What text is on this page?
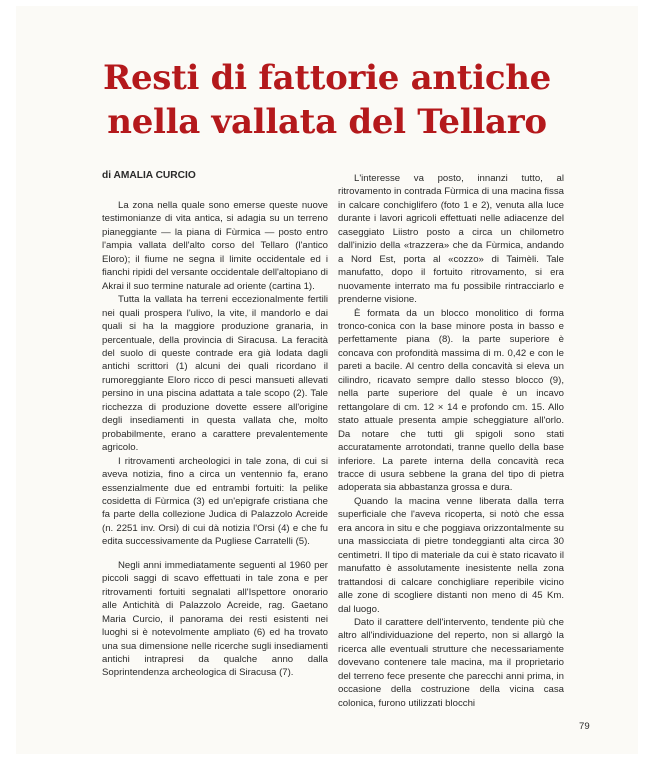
Resti di fattorie antiche
nella vallata del Tellaro
di AMALIA CURCIO

La zona nella quale sono emerse queste nuove testimonianze di vita antica, si adagia su un terreno pianeggiante — la piana di Fùrmica — posto entro l'ampia vallata dell'alto corso del Tellaro (l'antico Eloro); il fiume ne segna il limite occidentale ed i fianchi ripidi del versante occidentale dell'altopiano di Akrai il suo termine naturale ad oriente (cartina 1).

Tutta la vallata ha terreni eccezionalmente fertili nei quali prospera l'ulivo, la vite, il mandorlo e dai quali si ha la maggiore produzione granaria, in percentuale, della provincia di Siracusa. La feracità del suolo di queste contrade era già lodata dagli antichi scrittori (1) alcuni dei quali ricordano il rumoreggiante Eloro ricco di pesci mansueti allevati persino in una piscina adattata a tale scopo (2). Tale ricchezza di produzione dovette essere all'origine degli insediamenti in questa vallata che, molto probabilmente, erano a carattere prevalentemente agricolo.

I ritrovamenti archeologici in tale zona, di cui si aveva notizia, fino a circa un ventennio fa, erano essenzialmente due ed entrambi fortuiti: la pelike cosidetta di Fùrmica (3) ed un'epigrafe cristiana che fa parte della collezione Judica di Palazzolo Acreide (n. 2251 inv. Orsi) di cui dà notizia l'Orsi (4) e che fu edita successivamente da Pugliese Carratelli (5).

Negli anni immediatamente seguenti al 1960 per piccoli saggi di scavo effettuati in tale zona e per ritrovamenti fortuiti segnalati all'Ispettore onorario alle Antichità di Palazzolo Acreide, rag. Gaetano Maria Curcio, il panorama dei resti esistenti nei luoghi si è notevolmente ampliato (6) ed ha trovato una sua dimensione nelle ricerche sugli insediamenti antichi intrapresi da qualche anno dalla Soprintendenza archeologica di Siracusa (7).

L'interesse va posto, innanzi tutto, al ritrovamento in contrada Fùrmica di una macina fissa in calcare conchiglifero (foto 1 e 2), venuta alla luce durante i lavori agricoli effettuati nelle adiacenze del caseggiato Liistro posto a circa un chilometro dall'inizio della «trazzera» che da Fùrmica, andando a Nord Est, porta al «cozzo» di Taimèli. Tale manufatto, dopo il fortuito ritrovamento, si era nuovamente interrato ma fu possibile rintracciarlo e prenderne visione.

È formata da un blocco monolitico di forma tronco-conica con la base minore posta in basso e perfettamente piana (8). la parte superiore è concava con profondità massima di m. 0,42 e con le pareti a bacile. Al centro della concavità si eleva un cilindro, ricavato sempre dallo stesso blocco (9), nella parte superiore del quale è un incavo rettangolare di cm. 12 × 14 e profondo cm. 15. Allo stato attuale presenta ampie scheggiature all'orlo. Da notare che tutti gli spigoli sono stati accuratamente arrotondati, tranne quello della base inferiore. La parete interna della concavità reca tracce di usura sebbene la grana del tipo di pietra adoperata sia abbastanza grossa e dura.

Quando la macina venne liberata dalla terra superficiale che l'aveva ricoperta, si notò che essa era ancora in situ e che poggiava orizzontalmente su una massicciata di pietre tondeggianti alta circa 30 centimetri. Il tipo di materiale da cui è stato ricavato il manufatto è assolutamente inesistente nella zona trattandosi di calcare conchigliare reperibile vicino alle zone di scogliere distanti non meno di 45 Km. dal luogo.

Dato il carattere dell'intervento, tendente più che altro all'individuazione del reperto, non si allargò la ricerca alle eventuali strutture che necessariamente dovevano contenere tale macina, ma il proprietario del terreno fece presente che parecchi anni prima, in occasione della costruzione della vicina casa colonica, furono utilizzati blocchi

79
